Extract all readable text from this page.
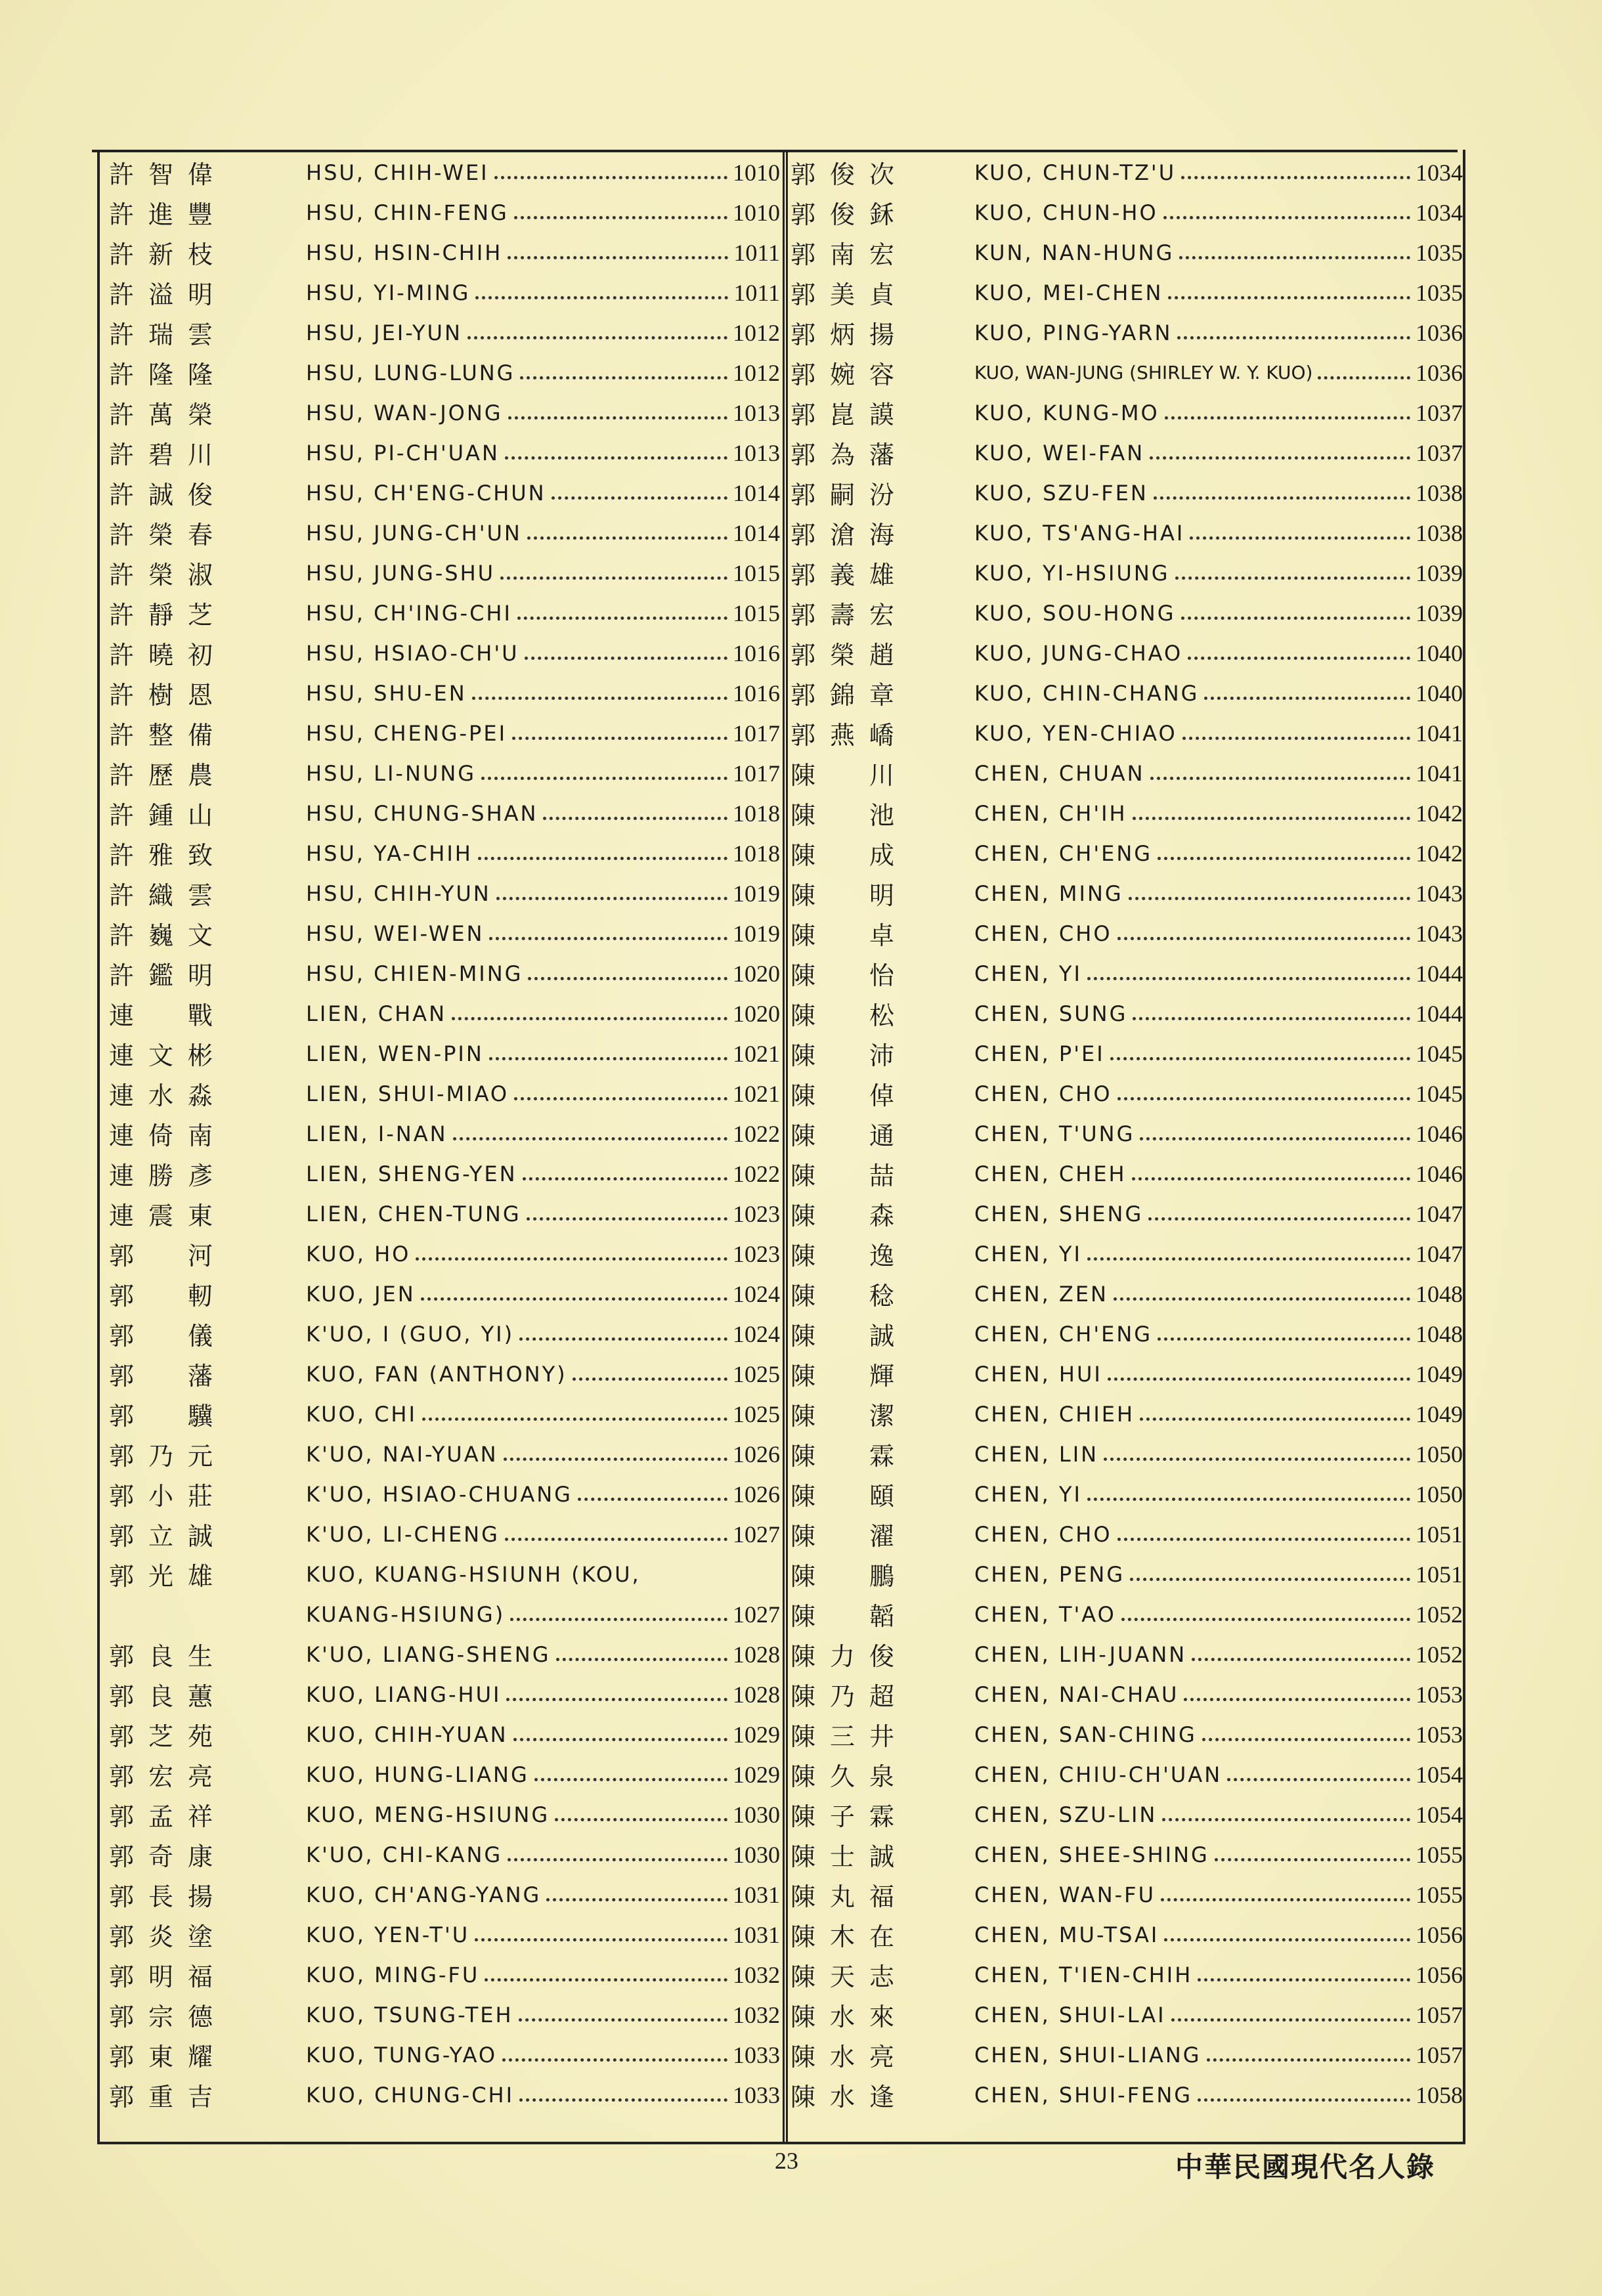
許智偉	HSU, CHIH-WEI	1010
許進豐	HSU, CHIN-FENG	1010
許新枝	HSU, HSIN-CHIH	1011
許溢明	HSU, YI-MING	1011
許瑞雲	HSU, JEI-YUN	1012
許隆隆	HSU, LUNG-LUNG	1012
許萬榮	HSU, WAN-JONG	1013
許碧川	HSU, PI-CH'UAN	1013
許誠俊	HSU, CH'ENG-CHUN	1014
許榮春	HSU, JUNG-CH'UN	1014
許榮淑	HSU, JUNG-SHU	1015
許靜芝	HSU, CH'ING-CHI	1015
許曉初	HSU, HSIAO-CH'U	1016
許樹恩	HSU, SHU-EN	1016
許整備	HSU, CHENG-PEI	1017
許歷農	HSU, LI-NUNG	1017
許鍾山	HSU, CHUNG-SHAN	1018
許雅致	HSU, YA-CHIH	1018
許織雲	HSU, CHIH-YUN	1019
許巍文	HSU, WEI-WEN	1019
許鑑明	HSU, CHIEN-MING	1020
連　戰	LIEN, CHAN	1020
連文彬	LIEN, WEN-PIN	1021
連水淼	LIEN, SHUI-MIAO	1021
連倚南	LIEN, I-NAN	1022
連勝彥	LIEN, SHENG-YEN	1022
連震東	LIEN, CHEN-TUNG	1023
郭　河	KUO, HO	1023
郭　軔	KUO, JEN	1024
郭　儀	K'UO, I (GUO, YI)	1024
郭　藩	KUO, FAN (ANTHONY)	1025
郭　驥	KUO, CHI	1025
郭乃元	K'UO, NAI-YUAN	1026
郭小莊	K'UO, HSIAO-CHUANG	1026
郭立誠	K'UO, LI-CHENG	1027
郭光雄	KUO, KUANG-HSIUNH (KOU,
KUANG-HSIUNG)	1027
郭良生	K'UO, LIANG-SHENG	1028
郭良蕙	KUO, LIANG-HUI	1028
郭芝苑	KUO, CHIH-YUAN	1029
郭宏亮	KUO, HUNG-LIANG	1029
郭孟祥	KUO, MENG-HSIUNG	1030
郭奇康	K'UO, CHI-KANG	1030
郭長揚	KUO, CH'ANG-YANG	1031
郭炎塗	KUO, YEN-T'U	1031
郭明福	KUO, MING-FU	1032
郭宗德	KUO, TSUNG-TEH	1032
郭東耀	KUO, TUNG-YAO	1033
郭重吉	KUO, CHUNG-CHI	1033
郭俊次	KUO, CHUN-TZ'U	1034
郭俊鉌	KUO, CHUN-HO	1034
郭南宏	KUN, NAN-HUNG	1035
郭美貞	KUO, MEI-CHEN	1035
郭炳揚	KUO, PING-YARN	1036
郭婉容	KUO, WAN-JUNG (SHIRLEY W. Y. KUO)	1036
郭崑謨	KUO, KUNG-MO	1037
郭為藩	KUO, WEI-FAN	1037
郭嗣汾	KUO, SZU-FEN	1038
郭滄海	KUO, TS'ANG-HAI	1038
郭義雄	KUO, YI-HSIUNG	1039
郭壽宏	KUO, SOU-HONG	1039
郭榮趙	KUO, JUNG-CHAO	1040
郭錦章	KUO, CHIN-CHANG	1040
郭燕嶠	KUO, YEN-CHIAO	1041
陳　川	CHEN, CHUAN	1041
陳　池	CHEN, CH'IH	1042
陳　成	CHEN, CH'ENG	1042
陳　明	CHEN, MING	1043
陳　卓	CHEN, CHO	1043
陳　怡	CHEN, YI	1044
陳　松	CHEN, SUNG	1044
陳　沛	CHEN, P'EI	1045
陳　倬	CHEN, CHO	1045
陳　通	CHEN, T'UNG	1046
陳　喆	CHEN, CHEH	1046
陳　森	CHEN, SHENG	1047
陳　逸	CHEN, YI	1047
陳　稔	CHEN, ZEN	1048
陳　誠	CHEN, CH'ENG	1048
陳　輝	CHEN, HUI	1049
陳　潔	CHEN, CHIEH	1049
陳　霖	CHEN, LIN	1050
陳　頤	CHEN, YI	1050
陳　濯	CHEN, CHO	1051
陳　鵬	CHEN, PENG	1051
陳　韜	CHEN, T'AO	1052
陳力俊	CHEN, LIH-JUANN	1052
陳乃超	CHEN, NAI-CHAU	1053
陳三井	CHEN, SAN-CHING	1053
陳久泉	CHEN, CHIU-CH'UAN	1054
陳子霖	CHEN, SZU-LIN	1054
陳士誠	CHEN, SHEE-SHING	1055
陳丸福	CHEN, WAN-FU	1055
陳木在	CHEN, MU-TSAI	1056
陳天志	CHEN, T'IEN-CHIH	1056
陳水來	CHEN, SHUI-LAI	1057
陳水亮	CHEN, SHUI-LIANG	1057
陳水逢	CHEN, SHUI-FENG	1058
23	中華民國現代名人錄
